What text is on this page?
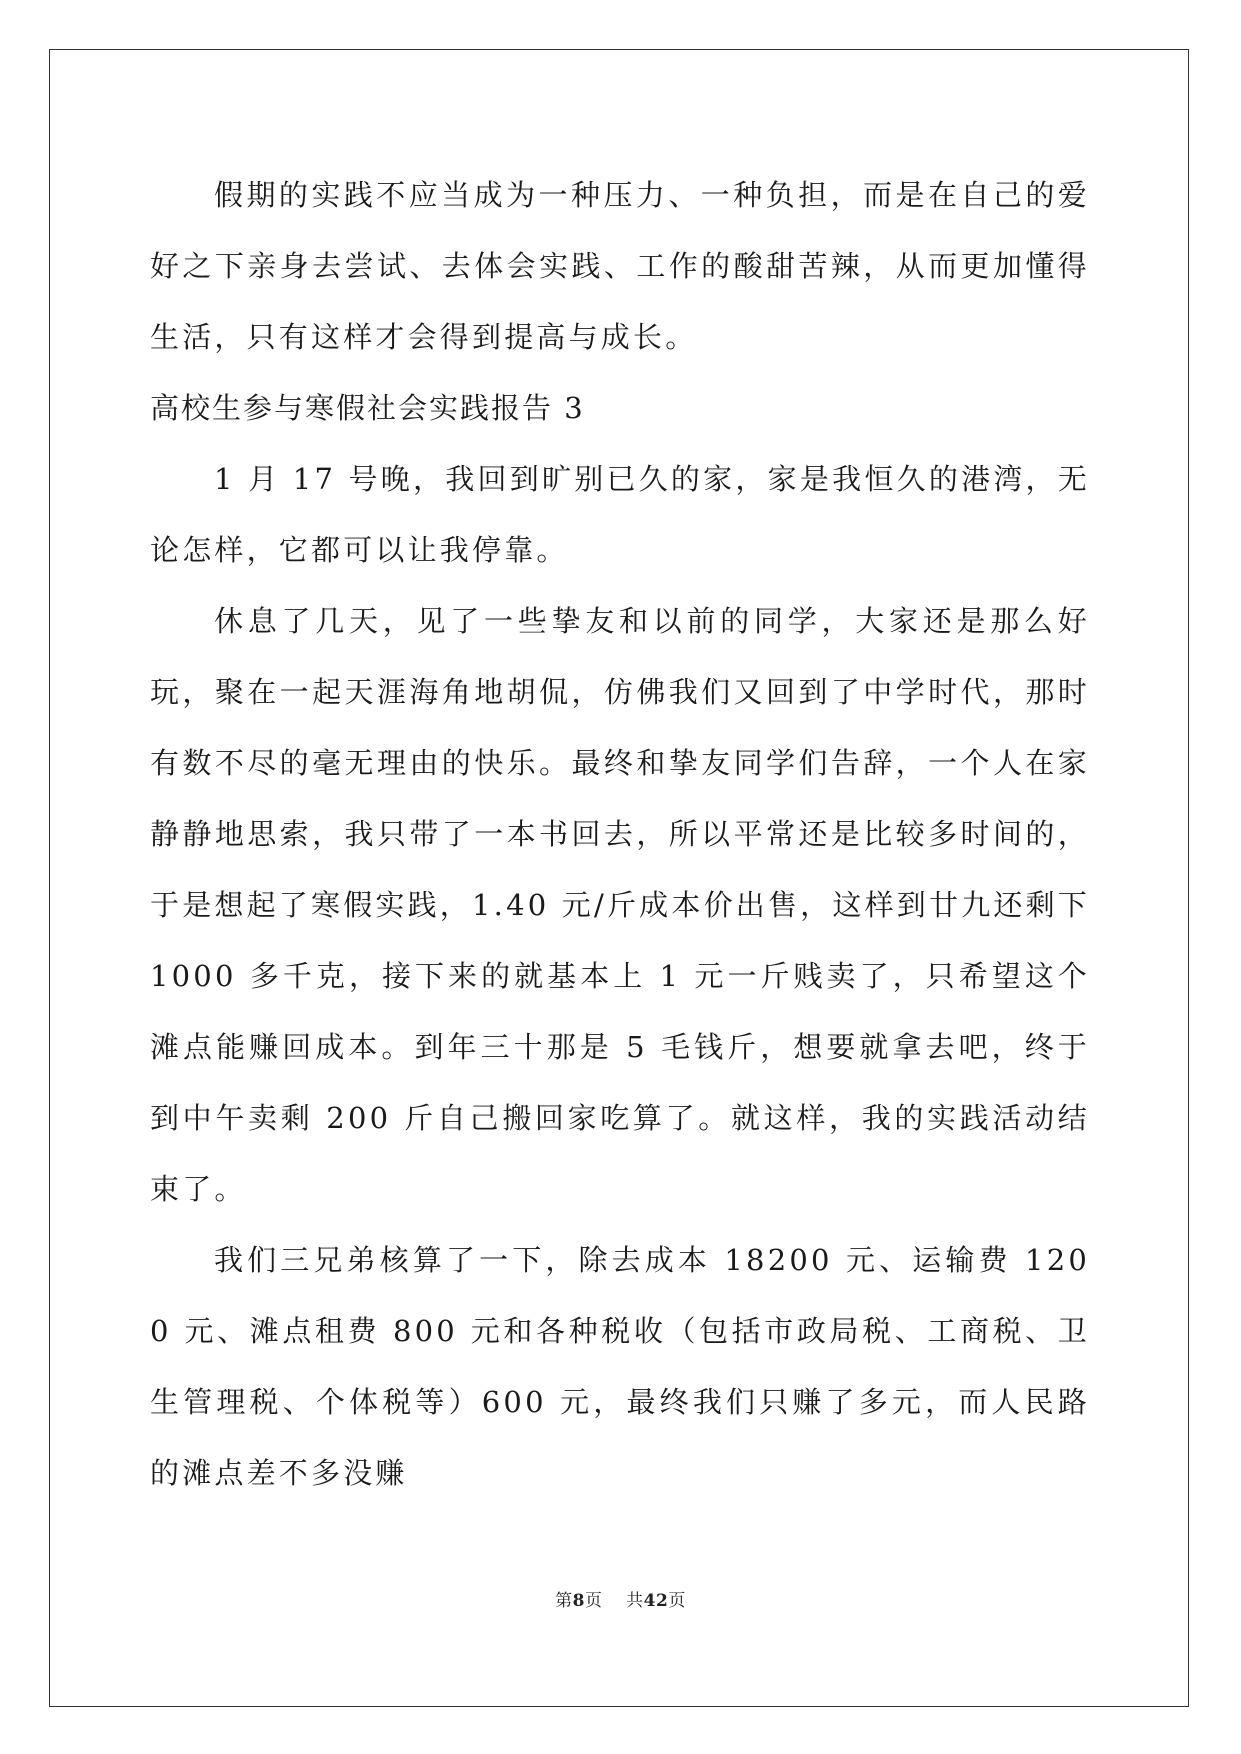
假期的实践不应当成为一种压力、一种负担，而是在自己的爱好之下亲身去尝试、去体会实践、工作的酸甜苦辣，从而更加懂得生活，只有这样才会得到提高与成长。

高校生参与寒假社会实践报告 3

1 月 17 号晚，我回到旷别已久的家，家是我恒久的港湾，无论怎样，它都可以让我停靠。

休息了几天，见了一些挚友和以前的同学，大家还是那么好玩，聚在一起天涯海角地胡侃，仿佛我们又回到了中学时代，那时有数不尽的毫无理由的快乐。最终和挚友同学们告辞，一个人在家静静地思索，我只带了一本书回去，所以平常还是比较多时间的，于是想起了寒假实践，1.40 元/斤成本价出售，这样到廿九还剩下 1000 多千克，接下来的就基本上 1 元一斤贱卖了，只希望这个滩点能赚回成本。到年三十那是 5 毛钱斤，想要就拿去吧，终于到中午卖剩 200 斤自己搬回家吃算了。就这样，我的实践活动结束了。

我们三兄弟核算了一下，除去成本 18200 元、运输费 1200 元、滩点租费 800 元和各种税收（包括市政局税、工商税、卫生管理税、个体税等）600 元，最终我们只赚了多元，而人民路的滩点差不多没赚

第8页 共42页
